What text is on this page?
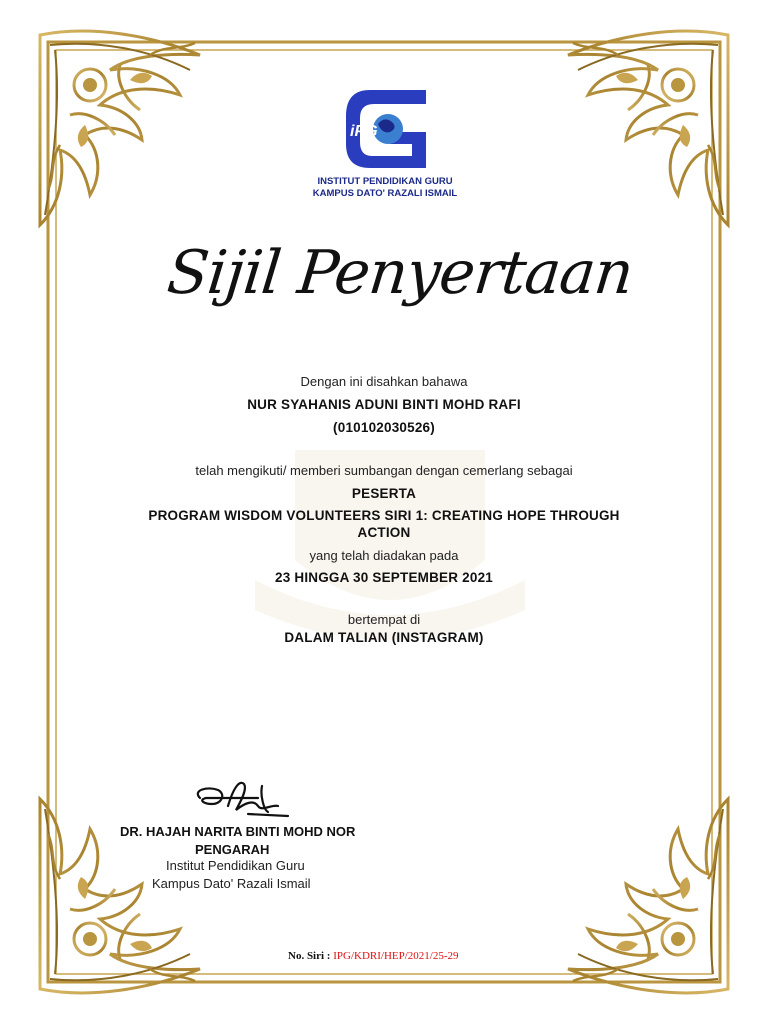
iPG
INSTITUT PENDIDIKAN GURU
KAMPUS DATO' RAZALI ISMAIL
Sijil Penyertaan
Dengan ini disahkan bahawa
NUR SYAHANIS ADUNI BINTI MOHD RAFI
(010102030526)
telah mengikuti/ memberi sumbangan dengan cemerlang sebagai
PESERTA
PROGRAM WISDOM VOLUNTEERS SIRI 1: CREATING HOPE THROUGH
ACTION
yang telah diadakan pada
23 HINGGA 30 SEPTEMBER 2021
bertempat di
DALAM TALIAN (INSTAGRAM)
DR. HAJAH NARITA BINTI MOHD NOR
PENGARAH
Institut Pendidikan Guru
Kampus Dato' Razali Ismail
No. Siri : IPG/KDRI/HEP/2021/25-29
